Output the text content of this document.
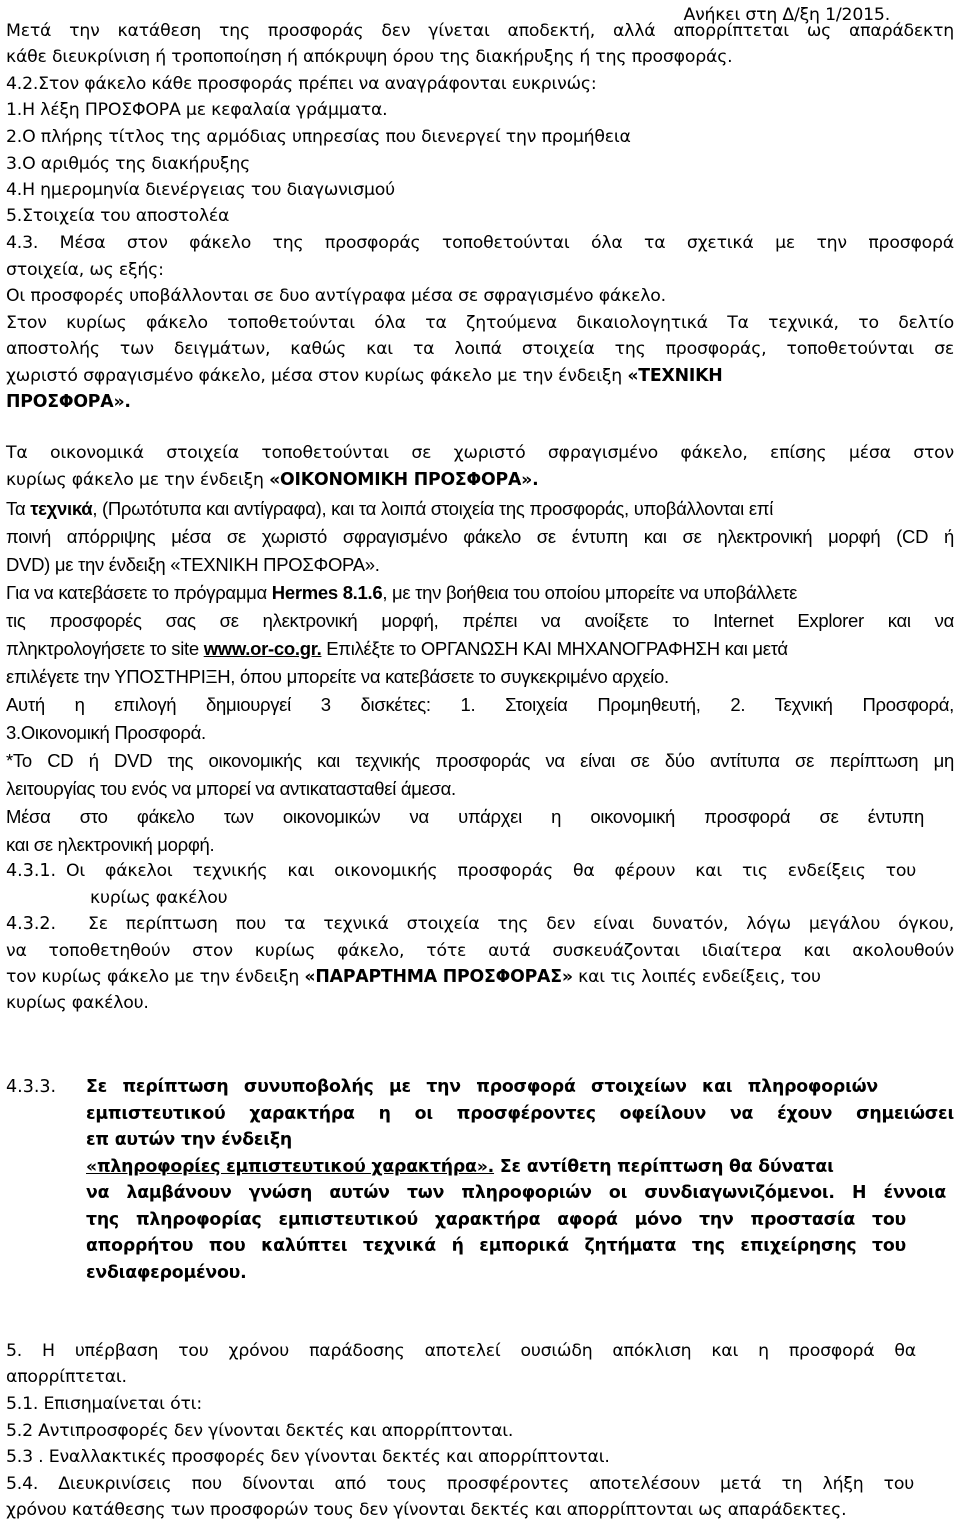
Ανήκει στη Δ/ξη 1/2015.
Μετά την κατάθεση της προσφοράς δεν γίνεται αποδεκτή, αλλά απορρίπτεται ως απαράδεκτη
κάθε διευκρίνιση ή τροποποίηση ή απόκρυψη όρου της διακήρυξης ή της προσφοράς.
4.2.Στον φάκελο κάθε προσφοράς πρέπει να αναγράφονται ευκρινώς:
1.Η λέξη ΠΡΟΣΦΟΡΑ με κεφαλαία γράμματα.
2.Ο πλήρης τίτλος της αρμόδιας υπηρεσίας που διενεργεί την προμήθεια
3.Ο αριθμός της διακήρυξης
4.Η ημερομηνία διενέργειας του διαγωνισμού
5.Στοιχεία του αποστολέα
4.3. Μέσα στον φάκελο της προσφοράς τοποθετούνται όλα τα σχετικά με την προσφορά
στοιχεία, ως εξής:
Οι προσφορές υποβάλλονται σε δυο αντίγραφα μέσα σε σφραγισμένο φάκελο.
Στον κυρίως φάκελο τοποθετούνται όλα τα ζητούμενα δικαιολογητικά Τα τεχνικά, το δελτίο
αποστολής των δειγμάτων, καθώς και τα λοιπά στοιχεία της προσφοράς, τοποθετούνται σε
χωριστό σφραγισμένο φάκελο, μέσα στον κυρίως φάκελο με την ένδειξη «ΤΕΧΝΙΚΗ
ΠΡΟΣΦΟΡΑ».
Τα οικονομικά στοιχεία τοποθετούνται σε χωριστό σφραγισμένο φάκελο, επίσης μέσα στον
κυρίως φάκελο με την ένδειξη «ΟΙΚΟΝΟΜΙΚΗ ΠΡΟΣΦΟΡΑ».
Τα τεχνικά, (Πρωτότυπα και αντίγραφα), και τα λοιπά στοιχεία της προσφοράς, υποβάλλονται επί
ποινή απόρριψης μέσα σε χωριστό σφραγισμένο φάκελο σε έντυπη και σε ηλεκτρονική μορφή (CD ή
DVD) με την ένδειξη «ΤΕΧΝΙΚΗ ΠΡΟΣΦΟΡΑ».
Για να κατεβάσετε το πρόγραμμα Hermes 8.1.6, με την βοήθεια του οποίου μπορείτε να υποβάλλετε
τις προσφορές σας σε ηλεκτρονική μορφή, πρέπει να ανοίξετε το Internet Explorer και να
πληκτρολογήσετε το site www.or-co.gr. Επιλέξτε το ΟΡΓΑΝΩΣΗ ΚΑΙ ΜΗΧΑΝΟΓΡΑΦΗΣΗ και μετά
επιλέγετε την ΥΠΟΣΤΗΡΙΞΗ, όπου μπορείτε να κατεβάσετε το συγκεκριμένο αρχείο.
Αυτή η επιλογή δημιουργεί 3 δισκέτες: 1. Στοιχεία Προμηθευτή, 2. Τεχνική Προσφορά,
3.Οικονομική Προσφορά.
*Το CD ή DVD της οικονομικής και τεχνικής προσφοράς να είναι σε δύο αντίτυπα σε περίπτωση μη
λειτουργίας του ενός να μπορεί να αντικατασταθεί άμεσα.
Μέσα στο φάκελο των οικονομικών να υπάρχει η οικονομική προσφορά σε έντυπη
και σε ηλεκτρονική μορφή.
4.3.1. Οι φάκελοι τεχνικής και οικονομικής προσφοράς θα φέρουν και τις ενδείξεις του
κυρίως φακέλου
4.3.2.	Σε περίπτωση που τα τεχνικά στοιχεία της δεν είναι δυνατόν, λόγω μεγάλου όγκου,
να τοποθετηθούν στον κυρίως φάκελο, τότε αυτά συσκευάζονται ιδιαίτερα και ακολουθούν
τον κυρίως φάκελο με την ένδειξη «ΠΑΡΑΡΤΗΜΑ ΠΡΟΣΦΟΡΑΣ» και τις λοιπές ενδείξεις, του
κυρίως φακέλου.
4.3.3.	Σε περίπτωση συνυποβολής με την προσφορά στοιχείων και πληροφοριών
εμπιστευτικού χαρακτήρα η οι προσφέροντες οφείλουν να έχουν σημειώσει
επ αυτών την ένδειξη
«πληροφορίες εμπιστευτικού χαρακτήρα». Σε αντίθετη περίπτωση θα δύναται
να λαμβάνουν γνώση αυτών των πληροφοριών οι συνδιαγωνιζόμενοι. Η έννοια
της πληροφορίας εμπιστευτικού χαρακτήρα αφορά μόνο την προστασία του
απορρήτου που καλύπτει τεχνικά ή εμπορικά ζητήματα της επιχείρησης του
ενδιαφερομένου.
5. Η υπέρβαση του χρόνου παράδοσης αποτελεί ουσιώδη απόκλιση και η προσφορά θα
απορρίπτεται.
5.1. Επισημαίνεται ότι:
5.2 Αντιπροσφορές δεν γίνονται δεκτές και απορρίπτονται.
5.3 . Εναλλακτικές προσφορές δεν γίνονται δεκτές και απορρίπτονται.
5.4. Διευκρινίσεις που δίνονται από τους προσφέροντες αποτελέσουν μετά τη λήξη του
χρόνου κατάθεσης των προσφορών τους δεν γίνονται δεκτές και απορρίπτονται ως απαράδεκτες.
